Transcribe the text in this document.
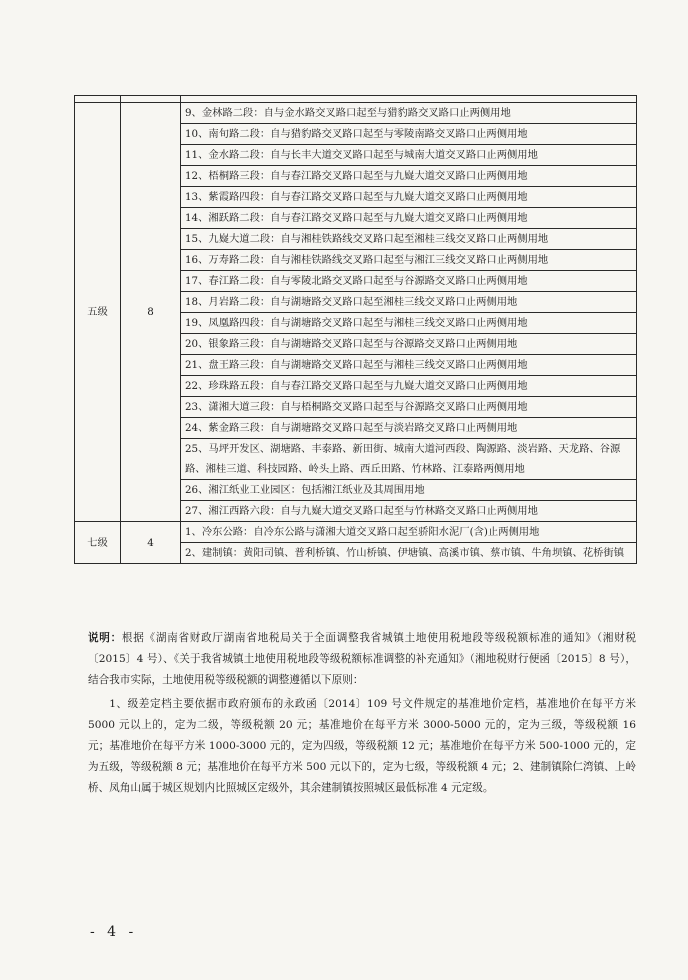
五级	8	9、金林路二段：自与金水路交叉路口起至与猎豹路交叉路口止两侧用地
		10、南旬路二段：自与猎豹路交叉路口起至与零陵南路交叉路口止两侧用地
		11、金水路二段：自与长丰大道交叉路口起至与城南大道交叉路口止两侧用地
		12、梧桐路三段：自与春江路交叉路口起至与九嶷大道交叉路口止两侧用地
		13、紫霞路四段：自与春江路交叉路口起至与九嶷大道交叉路口止两侧用地
		14、湘跃路二段：自与春江路交叉路口起至与九嶷大道交叉路口止两侧用地
		15、九嶷大道二段：自与湘桂铁路线交叉路口起至湘桂三线交叉路口止两侧用地
		16、万寿路二段：自与湘桂铁路线交叉路口起至与湘江三线交叉路口止两侧用地
		17、春江路二段：自与零陵北路交叉路口起至与谷源路交叉路口止两侧用地
		18、月岩路二段：自与湖塘路交叉路口起至湘桂三线交叉路口止两侧用地
		19、凤凰路四段：自与湖塘路交叉路口起至与湘桂三线交叉路口止两侧用地
		20、银象路三段：自与湖塘路交叉路口起至与谷源路交叉路口止两侧用地
		21、盘王路三段：自与湖塘路交叉路口起至与湘桂三线交叉路口止两侧用地
		22、珍珠路五段：自与春江路交叉路口起至与九嶷大道交叉路口止两侧用地
		23、潇湘大道三段：自与梧桐路交叉路口起至与谷源路交叉路口止两侧用地
		24、紫金路三段：自与湖塘路交叉路口起至与淡岩路交叉路口止两侧用地
		25、马坪开发区、湖塘路、丰泰路、新田街、城南大道河西段、陶源路、淡岩路、天龙路、谷源路、湘桂三道、科技园路、岭头上路、西丘田路、竹林路、江泰路两侧用地
		26、湘江纸业工业园区：包括湘江纸业及其周围用地
		27、湘江西路六段：自与九嶷大道交叉路口起至与竹林路交叉路口止两侧用地
七级	4	1、冷东公路：自冷东公路与潇湘大道交叉路口起至骄阳水泥厂(含)止两侧用地
		2、建制镇：黄阳司镇、普利桥镇、竹山桥镇、伊塘镇、高溪市镇、蔡市镇、牛角坝镇、花桥街镇

说明：根据《湖南省财政厅湖南省地税局关于全面调整我省城镇土地使用税地段等级税额标准的通知》（湘财税〔2015〕4 号）、《关于我省城镇土地使用税地段等级税额标准调整的补充通知》（湘地税财行便函〔2015〕8 号），结合我市实际，土地使用税等级税额的调整遵循以下原则：

1、级差定档主要依据市政府颁布的永政函〔2014〕109 号文件规定的基准地价定档，基准地价在每平方米 5000 元以上的，定为二级，等级税额 20 元；基准地价在每平方米 3000-5000 元的，定为三级，等级税额 16 元；基准地价在每平方米 1000-3000 元的，定为四级，等级税额 12 元；基准地价在每平方米 500-1000 元的，定为五级，等级税额 8 元；基准地价在每平方米 500 元以下的，定为七级，等级税额 4 元；2、建制镇除仁湾镇、上岭桥、凤角山属于城区规划内比照城区定级外，其余建制镇按照城区最低标准 4 元定级。

- 4 -
